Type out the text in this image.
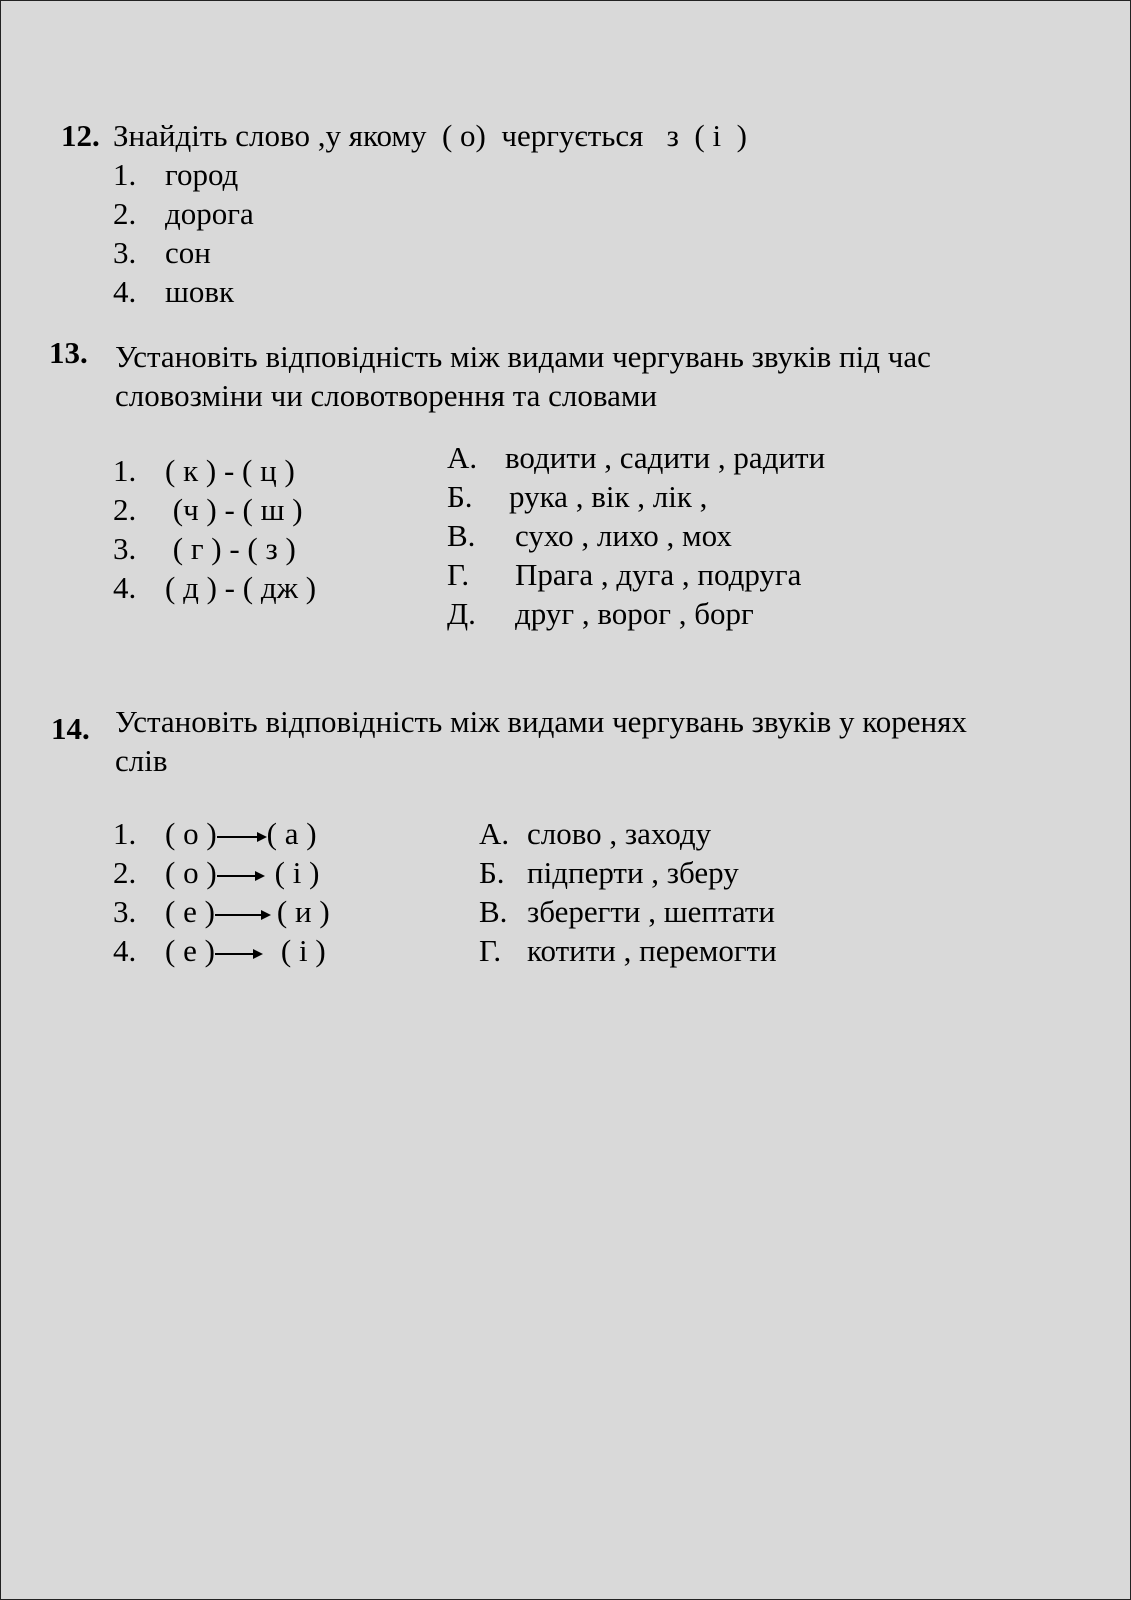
12. Знайдіть слово ,у якому  ( о)  чергується   з  ( і  )
1. город
2. дорога
3. сон
4. шовк
13. Установіть відповідність між видами чергувань звуків під час словозміни чи словотворення та словами
1. ( к ) - ( ц )
2. (ч ) - ( ш )
3. ( г ) - ( з )
4. ( д ) - ( дж )
А. водити , садити , радити
Б. рука , вік , лік ,
В. сухо , лихо , мох
Г. Прага , дуга , подруга
Д. друг , ворог , борг
14. Установіть відповідність між видами чергувань звуків у коренях слів
1. ( о ) ( а )
2. ( о ) ( і )
3. ( е ) ( и )
4. ( е ) ( і )
А. слово , заходу
Б. підперти , зберу
В. зберегти , шептати
Г. котити , перемогти
